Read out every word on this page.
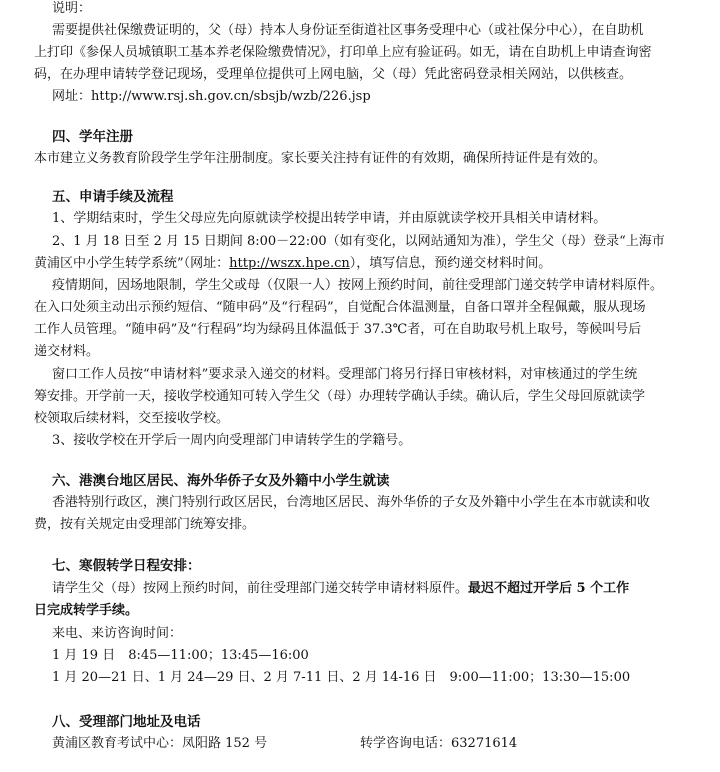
说明：
需要提供社保缴费证明的，父（母）持本人身份证至街道社区事务受理中心（或社保分中心），在自助机
上打印《参保人员城镇职工基本养老保险缴费情况》，打印单上应有验证码。如无，请在自助机上申请查询密
码，在办理申请转学登记现场，受理单位提供可上网电脑，父（母）凭此密码登录相关网站，以供核查。
网址：http://www.rsj.sh.gov.cn/sbsjb/wzb/226.jsp
四、学年注册
本市建立义务教育阶段学生学年注册制度。家长要关注持有证件的有效期，确保所持证件是有效的。
五、申请手续及流程
1、学期结束时，学生父母应先向原就读学校提出转学申请，并由原就读学校开具相关申请材料。
2、1 月 18 日至 2 月 15 日期间 8:00－22:00（如有变化，以网站通知为准），学生父（母）登录“上海市
黄浦区中小学生转学系统”（网址：http://wszx.hpe.cn），填写信息，预约递交材料时间。
疫情期间，因场地限制，学生父或母（仅限一人）按网上预约时间，前往受理部门递交转学申请材料原件。
在入口处须主动出示预约短信、“随申码”及“行程码”，自觉配合体温测量，自备口罩并全程佩戴，服从现场
工作人员管理。“随申码”及“行程码”均为绿码且体温低于 37.3℃者，可在自助取号机上取号，等候叫号后
递交材料。
窗口工作人员按“申请材料”要求录入递交的材料。受理部门将另行择日审核材料，对审核通过的学生统
筹安排。开学前一天，接收学校通知可转入学生父（母）办理转学确认手续。确认后，学生父母回原就读学
校领取后续材料，交至接收学校。
3、接收学校在开学后一周内向受理部门申请转学生的学籍号。
六、港澳台地区居民、海外华侨子女及外籍中小学生就读
香港特别行政区，澳门特别行政区居民，台湾地区居民、海外华侨的子女及外籍中小学生在本市就读和收
费，按有关规定由受理部门统筹安排。
七、寒假转学日程安排：
请学生父（母）按网上预约时间，前往受理部门递交转学申请材料原件。最迟不超过开学后 5 个工作
日完成转学手续。
来电、来访咨询时间：
1 月 19 日　8:45—11:00；13:45—16:00
1 月 20—21 日、1 月 24—29 日、2 月 7-11 日、2 月 14-16 日　9:00—11:00；13:30—15:00
八、受理部门地址及电话
黄浦区教育考试中心：凤阳路 152 号	转学咨询电话：63271614
